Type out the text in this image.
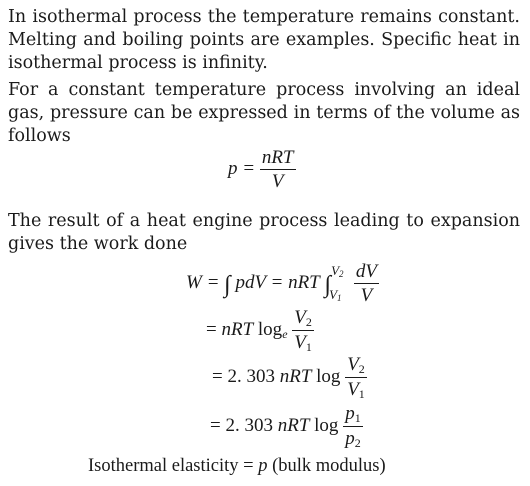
In isothermal process the temperature remains constant. Melting and boiling points are examples. Specific heat in isothermal process is infinity.

For a constant temperature process involving an ideal gas, pressure can be expressed in terms of the volume as follows

$p = \frac{\text{nRT}}{V}$

The result of a heat engine process leading to expansion gives the work done

W = ∫ pdV = nRT ∫
$V_2$
$V_1$
$\frac{dV}{V}$
= nRT $\log_e \frac{V_2}{V_1}$
= 2. 303 nRT $\log \frac{V_2}{V_1}$
= 2. 303 nRT $\log \frac{p_1}{p_2}$
Isothermal elasticity = p (bulk modulus)
